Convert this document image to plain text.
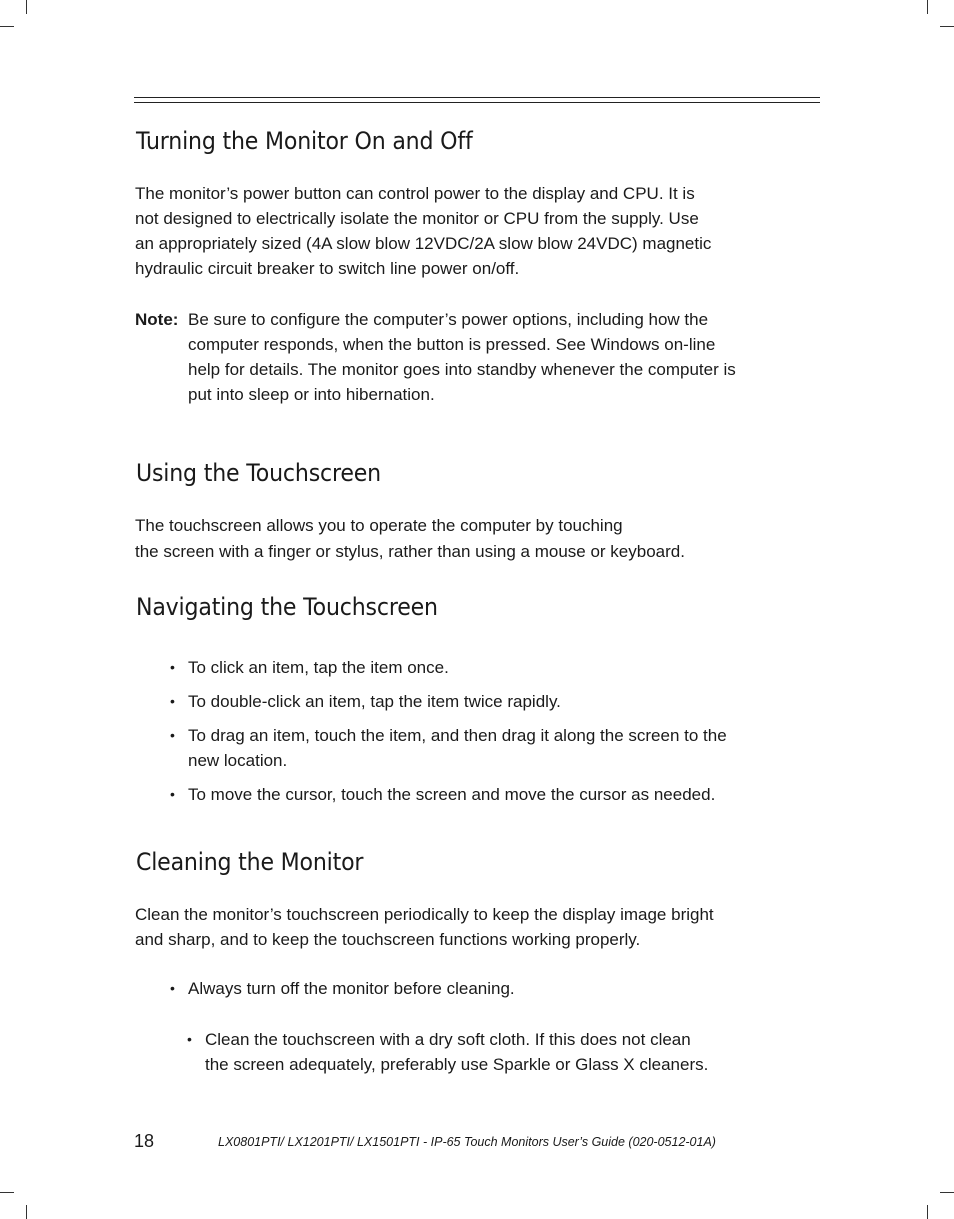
Turning the Monitor On and Off

The monitor’s power button can control power to the display and CPU. It is
not designed to electrically isolate the monitor or CPU from the supply. Use
an appropriately sized (4A slow blow 12VDC/2A slow blow 24VDC) magnetic
hydraulic circuit breaker to switch line power on/off.

Note: Be sure to configure the computer’s power options, including how the
computer responds, when the button is pressed. See Windows on-line
help for details. The monitor goes into standby whenever the computer is
put into sleep or into hibernation.

Using the Touchscreen

The touchscreen allows you to operate the computer by touching
the screen with a finger or stylus, rather than using a mouse or keyboard.

Navigating the Touchscreen
• To click an item, tap the item once.
• To double-click an item, tap the item twice rapidly.
• To drag an item, touch the item, and then drag it along the screen to the
new location.
• To move the cursor, touch the screen and move the cursor as needed.
Cleaning the Monitor

Clean the monitor’s touchscreen periodically to keep the display image bright
and sharp, and to keep the touchscreen functions working properly.

• Always turn off the monitor before cleaning.
• Clean the touchscreen with a dry soft cloth. If this does not clean
the screen adequately, preferably use Sparkle or Glass X cleaners.
18	LX0801PTI/ LX1201PTI/ LX1501PTI - IP-65 Touch Monitors User’s Guide (020-0512-01A)
